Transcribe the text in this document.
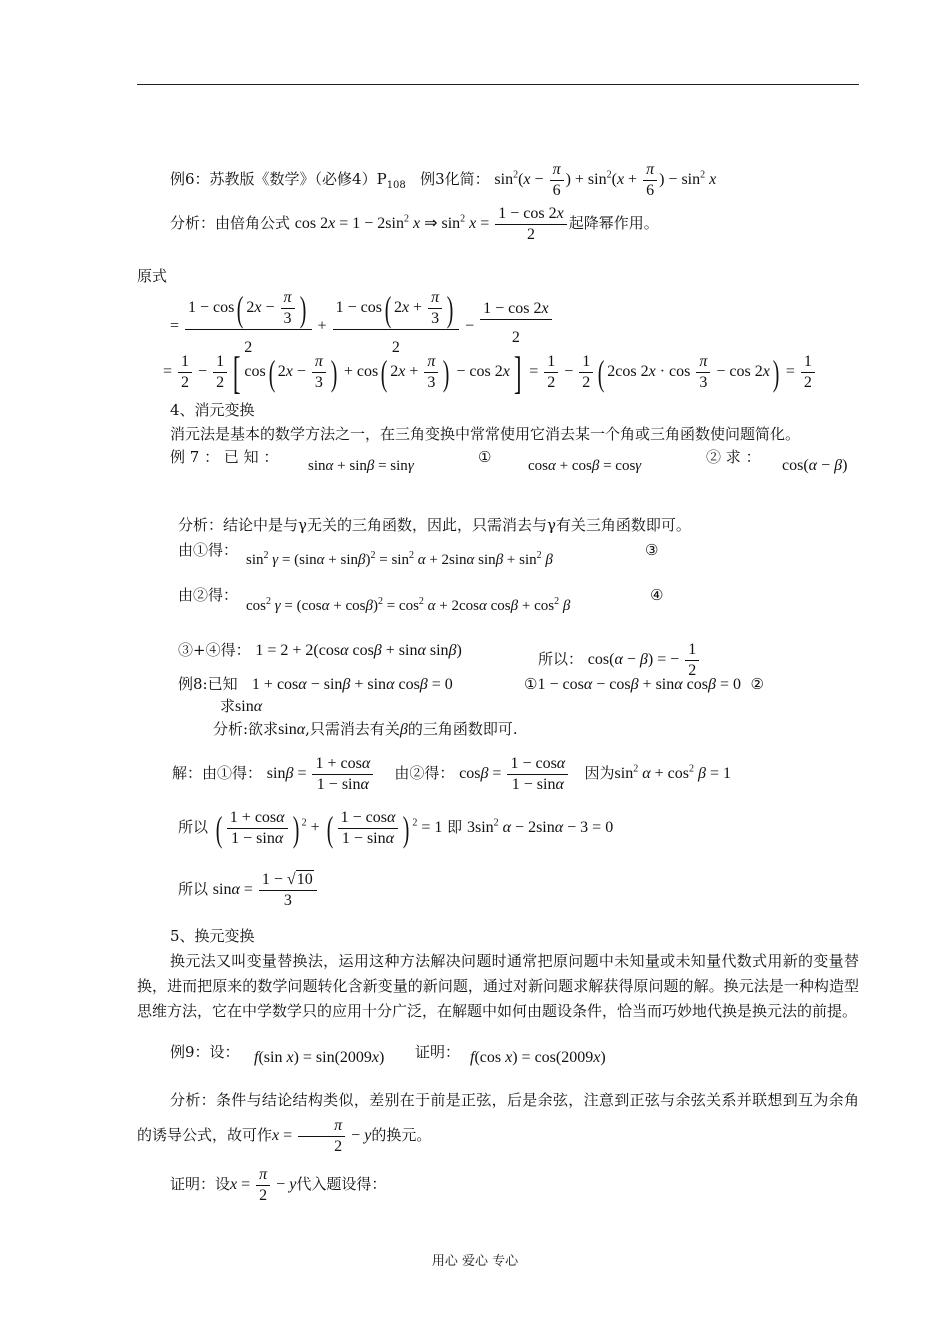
例6：苏教版《数学》（必修$4)P_{108}$ 例3化简： $\sin^2(x - \frac{\pi}{6}$ ) + $\sin^2(x + \frac{\pi}{6}$ ) − $\sin^2 x$
分析：由倍角公式 $\cos 2x = 1 - 2\sin^2$ x ⇒ $\sin^2 x = \frac{1 - \cos 2x}{2}$ 起降幂作用。
原式
= $\frac{1 - \cos( 2x - \frac{\pi}{3} )}{2} + \frac{1 - \cos( 2x + \frac{\pi}{3} )}{2} - \frac{1 - \cos 2x}{2}$
= $\frac{1}{2} - \frac{1}{2}$ [ cos( $2x - \frac{\pi}{3}$ ) + cos( $2x + \frac{\pi}{3}$ ) − $\cos 2x] = \frac{1}{2} - \frac{1}{2}$ ( 2cos $2x \cdot \cos \frac{\pi}{3} - \cos 2x) = \frac{1}{2}$
4、消元变换
消元法是基本的数学方法之一，在三角变换中常常使用它消去某一个角或三角函数使问题简化。
例 7 ： 已 知 ： sinα + sinβ = sinγ	① cosα + cosβ = cosγ	② 求 ： cos(α − β)
分析：结论中是与γ无关的三角函数，因此，只需消去与γ有关三角函数即可。
由①得：
$\sin^2 \gamma = (\sin\alpha + \sin\beta)^2 = \sin^2 \alpha + 2\sin\alpha$ $\sin\beta + \sin^2 \beta$
③
由②得：
$\cos^2 \gamma = (\cos\alpha + \cos\beta)^2 = \cos^2 \alpha + 2\cos\alpha$ $\cos\beta + \cos^2 \beta$
④
③+④得： 1 = 2 + 2(cosα cosβ + sinα sinβ)	所以： cos(α − β) = − $\frac{1}{2}$
例8:已知 1 + cosα − sinβ + sinα cosβ = 0	①1 − cosα − cosβ + sinα cosβ = 0 ②
求sinα
分析:欲求sinα,只需消去有关β的三角函数即可.
解：由①得： $\sin\beta = \frac{1 + \cos\alpha}{1 - \sin\alpha}$ 由②得： $\cos\beta = \frac{1 - \cos\alpha}{1 - \sin\alpha}$ 因为$\sin^2 \alpha + \cos^2 \beta = 1$
所以 ( $\frac{1 + \cos\alpha}{1 - \sin\alpha}$ ) $^2$ + ( $\frac{1 - \cos\alpha}{1 - \sin\alpha}$ ) $^2$ = 1 即 $3\sin^2$ α − 2sinα − 3 = 0
所以 $\sin\alpha = \frac{1 - √10}{3}$
5、换元变换
换元法又叫变量替换法，运用这种方法解决问题时通常把原问题中未知量或未知量代数式用新的变量替换，进而把原来的数学问题转化含新变量的新问题，通过对新问题求解获得原问题的解。换元法是一种构造型思维方法，它在中学数学只的应用十分广泛，在解题中如何由题设条件，恰当而巧妙地代换是换元法的前提。
例9：设： f(sin x) = sin(2009x) 证明： f(cos x) = cos(2009x)
分析：条件与结论结构类似，差别在于前是正弦，后是余弦，注意到正弦与余弦关系并联想到互为余角的诱导公式，故可作$x = \frac{\pi}{2} - y$的换元。
证明：设$x = \frac{\pi}{2} - y$代入题设得：
用心 爱心 专心
